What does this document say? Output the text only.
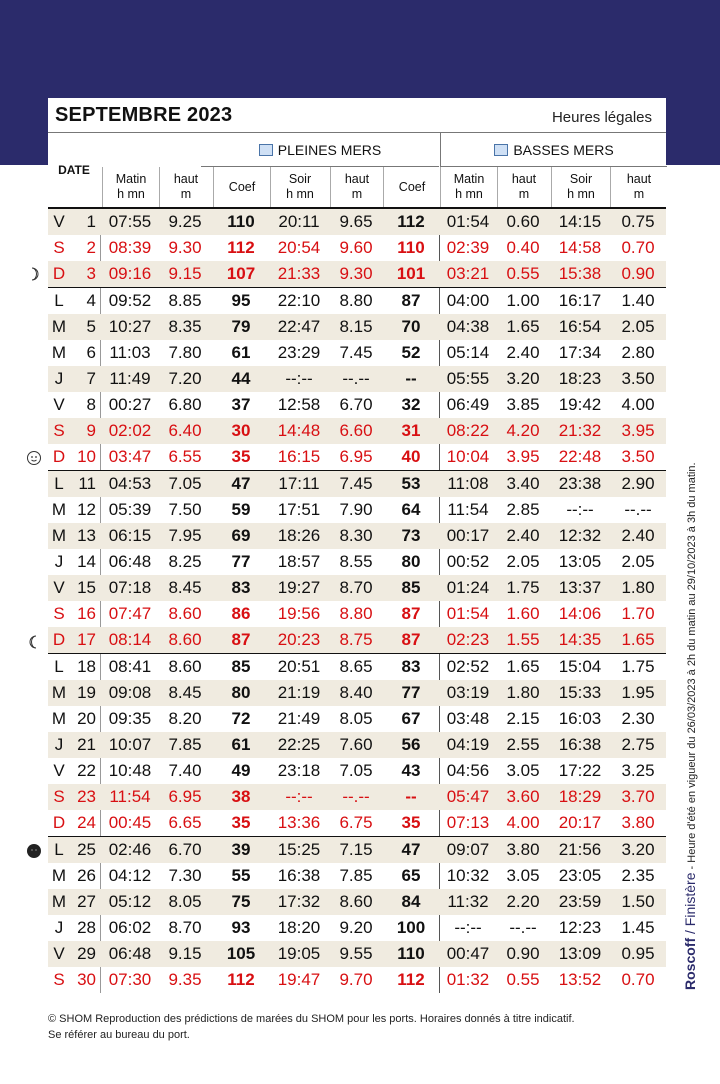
SEPTEMBRE 2023	Heures légales
DATE
PLEINES MERS	BASSES MERS
Matin
h mn
haut
m
Coef
Soir
h mn
haut
m
Coef
Matin
h mn
haut
m
Soir
h mn
haut
m
V	1 07:55	9.25	110	20:11	9.65	112	01:54	0.60	14:15	0.75
S	2 08:39	9.30	112	20:54	9.60	110	02:39	0.40	14:58	0.70
D	3 09:16	9.15	107	21:33	9.30	101	03:21	0.55	15:38	0.90
L	4 09:52	8.85	95	22:10	8.80	87	04:00	1.00	16:17	1.40
M	5 10:27	8.35	79	22:47	8.15	70	04:38	1.65	16:54	2.05
M	6 11:03	7.80	61	23:29	7.45	52	05:14	2.40	17:34	2.80
J	7 11:49	7.20	44	--:--	--.--	--	05:55	3.20	18:23	3.50
V	8 00:27	6.80	37	12:58	6.70	32	06:49	3.85	19:42	4.00
S	9 02:02	6.40	30	14:48	6.60	31	08:22	4.20	21:32	3.95
D 10 03:47	6.55	35	16:15	6.95	40	10:04	3.95	22:48	3.50
L 11 04:53	7.05	47	17:11	7.45	53	11:08	3.40	23:38	2.90
M 12 05:39	7.50	59	17:51	7.90	64	11:54	2.85	--:--	--.--
M 13 06:15	7.95	69	18:26	8.30	73	00:17	2.40	12:32	2.40
J 14 06:48	8.25	77	18:57	8.55	80	00:52	2.05	13:05	2.05
V 15 07:18	8.45	83	19:27	8.70	85	01:24	1.75	13:37	1.80
S 16 07:47	8.60	86	19:56	8.80	87	01:54	1.60	14:06	1.70
D 17 08:14	8.60	87	20:23	8.75	87	02:23	1.55	14:35	1.65
L 18 08:41	8.60	85	20:51	8.65	83	02:52	1.65	15:04	1.75
M 19 09:08	8.45	80	21:19	8.40	77	03:19	1.80	15:33	1.95
M 20 09:35	8.20	72	21:49	8.05	67	03:48	2.15	16:03	2.30
J 21 10:07	7.85	61	22:25	7.60	56	04:19	2.55	16:38	2.75
V 22 10:48	7.40	49	23:18	7.05	43	04:56	3.05	17:22	3.25
S 23 11:54	6.95	38	--:--	--.--	--	05:47	3.60	18:29	3.70
D 24 00:45	6.65	35	13:36	6.75	35	07:13	4.00	20:17	3.80
L 25 02:46	6.70	39	15:25	7.15	47	09:07	3.80	21:56	3.20
M 26 04:12	7.30	55	16:38	7.85	65	10:32	3.05	23:05	2.35
M 27 05:12	8.05	75	17:32	8.60	84	11:32	2.20	23:59	1.50
J 28 06:02	8.70	93	18:20	9.20	100	--:--	--.--	12:23	1.45
V 29 06:48	9.15	105	19:05	9.55	110	00:47	0.90	13:09	0.95
S 30 07:30	9.35	112	19:47	9.70	112	01:32	0.55	13:52	0.70
© SHOM Reproduction des prédictions de marées du SHOM pour les ports. Horaires donnés à titre indicatif.
Se référer au bureau du port.
Roscoff / Finistère - Heure d'été en vigueur du 26/03/2023 à 2h du matin au 29/10/2023 à 3h du matin.
